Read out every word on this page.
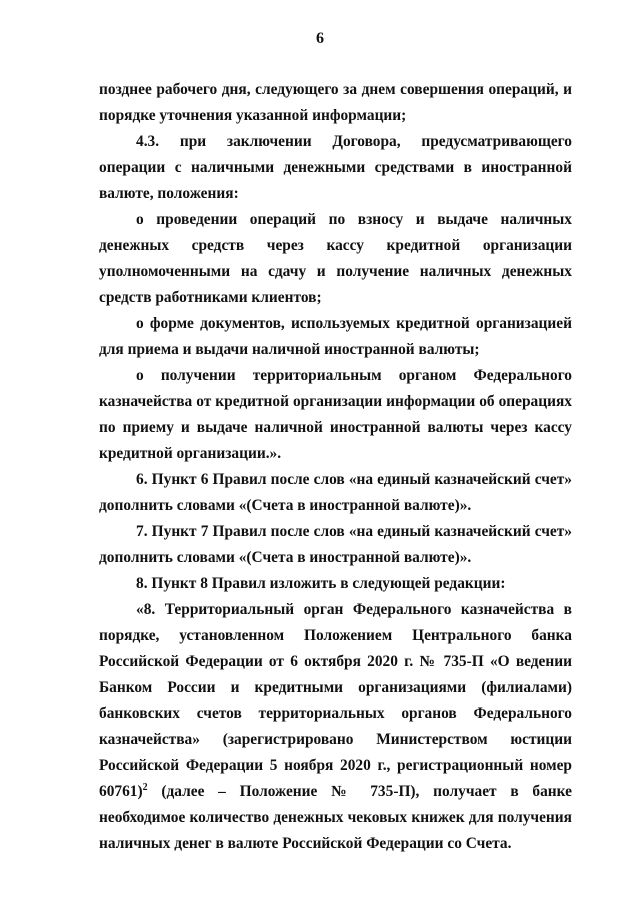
6

позднее рабочего дня, следующего за днем совершения операций, и порядке уточнения указанной информации;

4.3. при заключении Договора, предусматривающего операции с наличными денежными средствами в иностранной валюте, положения:

о проведении операций по взносу и выдаче наличных денежных средств через кассу кредитной организации уполномоченными на сдачу и получение наличных денежных средств работниками клиентов;

о форме документов, используемых кредитной организацией для приема и выдачи наличной иностранной валюты;

о получении территориальным органом Федерального казначейства от кредитной организации информации об операциях по приему и выдаче наличной иностранной валюты через кассу кредитной организации.».

6. Пункт 6 Правил после слов «на единый казначейский счет» дополнить словами «(Счета в иностранной валюте)».

7. Пункт 7 Правил после слов «на единый казначейский счет» дополнить словами «(Счета в иностранной валюте)».

8. Пункт 8 Правил изложить в следующей редакции:

«8. Территориальный орган Федерального казначейства в порядке, установленном Положением Центрального банка Российской Федерации от 6 октября 2020 г. № 735-П «О ведении Банком России и кредитными организациями (филиалами) банковских счетов территориальных органов Федерального казначейства» (зарегистрировано Министерством юстиции Российской Федерации 5 ноября 2020 г., регистрационный номер 60761)$^2$ (далее – Положение № 735-П), получает в банке необходимое количество денежных чековых книжек для получения наличных денег в валюте Российской Федерации со Счета.
